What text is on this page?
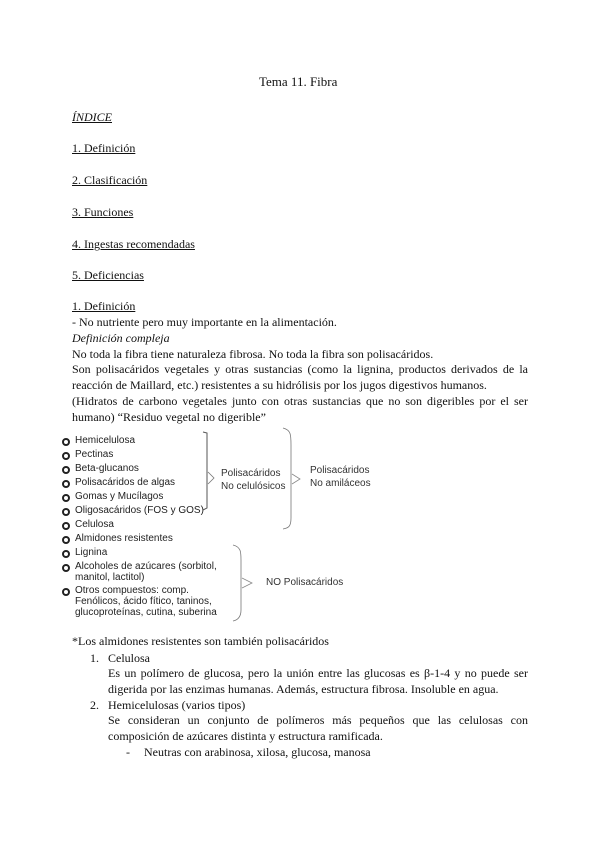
Tema 11. Fibra
ÍNDICE
1. Definición
2. Clasificación
3. Funciones
4. Ingestas recomendadas
5. Deficiencias
1. Definición
- No nutriente pero muy importante en la alimentación.
Definición compleja
No toda la fibra tiene naturaleza fibrosa. No toda la fibra son polisacáridos.
Son polisacáridos vegetales y otras sustancias (como la lignina, productos derivados de la reacción de Maillard, etc.) resistentes a su hidrólisis por los jugos digestivos humanos.
(Hidratos de carbono vegetales junto con otras sustancias que no son digeribles por el ser humano) “Residuo vegetal no digerible”
Hemicelulosa
Pectinas
Beta-glucanos
Polisacáridos de algas
Gomas y Mucílagos
Oligosacáridos (FOS y GOS)
Celulosa
Almidones resistentes
Lignina
Alcoholes de azúcares (sorbitol,
manitol, lactitol)
Otros compuestos: comp.
Fenólicos, ácido fítico, taninos,
glucoproteínas, cutina, suberina
Polisacáridos
No celulósicos
Polisacáridos
No amiláceos
NO Polisacáridos
*Los almidones resistentes son también polisacáridos
1. Celulosa
Es un polímero de glucosa, pero la unión entre las glucosas es β-1-4 y no puede ser digerida por las enzimas humanas. Además, estructura fibrosa. Insoluble en agua.
2. Hemicelulosas (varios tipos)
Se consideran un conjunto de polímeros más pequeños que las celulosas con composición de azúcares distinta y estructura ramificada.
- Neutras con arabinosa, xilosa, glucosa, manosa
